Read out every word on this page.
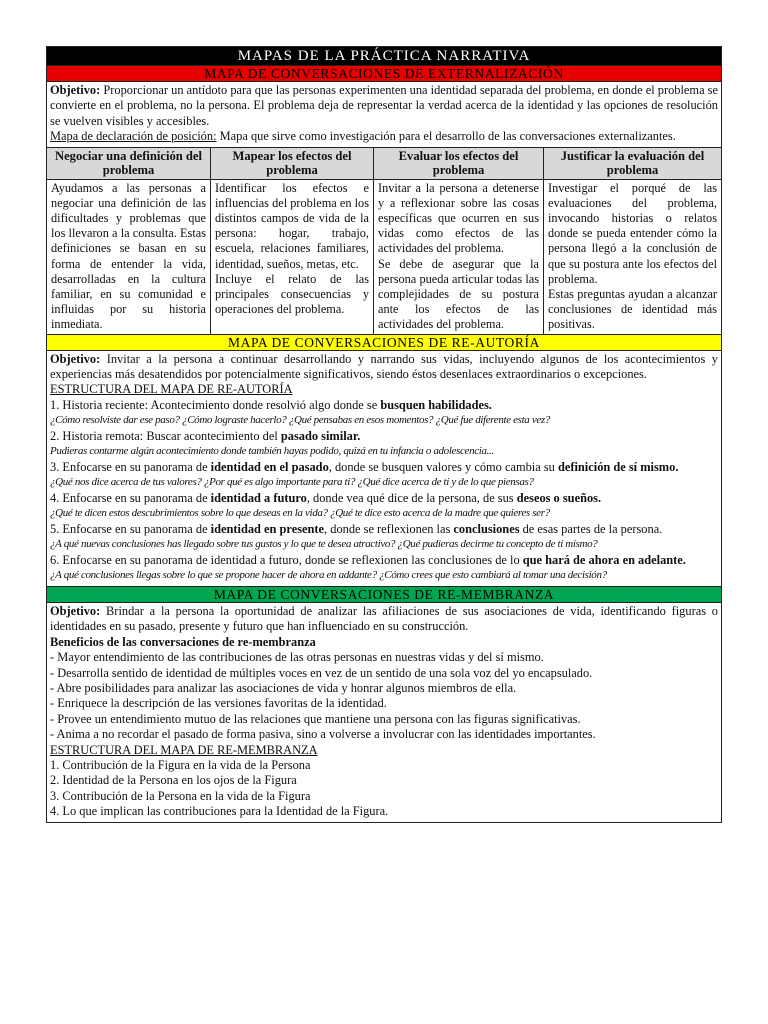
MAPAS DE LA PRÁCTICA NARRATIVA
MAPA DE CONVERSACIONES DE EXTERNALIZACIÓN

Objetivo: Proporcionar un antídoto para que las personas experimenten una identidad separada del problema, en donde el problema se convierte en el problema, no la persona. El problema deja de representar la verdad acerca de la identidad y las opciones de resolución se vuelven visibles y accesibles.

Mapa de declaración de posición: Mapa que sirve como investigación para el desarrollo de las conversaciones externalizantes.

Negociar una definición del problema
Mapear los efectos del problema
Evaluar los efectos del problema
Justificar la evaluación del problema

Ayudamos a las personas a negociar una definición de las dificultades y problemas que los llevaron a la consulta. Estas definiciones se basan en su forma de entender la vida, desarrolladas en la cultura familiar, en su comunidad e influidas por su historia inmediata.

Identificar los efectos e influencias del problema en los distintos campos de vida de la persona: hogar, trabajo, escuela, relaciones familiares, identidad, sueños, metas, etc.

Incluye el relato de las principales consecuencias y operaciones del problema.

Invitar a la persona a detenerse y a reflexionar sobre las cosas específicas que ocurren en sus vidas como efectos de las actividades del problema.

Se debe de asegurar que la persona pueda articular todas las complejidades de su postura ante los efectos de las actividades del problema.

Investigar el porqué de las evaluaciones del problema, invocando historias o relatos donde se pueda entender cómo la persona llegó a la conclusión de que su postura ante los efectos del problema.
Estas preguntas ayudan a alcanzar conclusiones de identidad más positivas.

MAPA DE CONVERSACIONES DE RE-AUTORÍA

Objetivo: Invitar a la persona a continuar desarrollando y narrando sus vidas, incluyendo algunos de los acontecimientos y experiencias más desatendidos por potencialmente significativos, siendo éstos desenlaces extraordinarios o excepciones.

ESTRUCTURA DEL MAPA DE RE-AUTORÍA

1. Historia reciente: Acontecimiento donde resolvió algo donde se busquen habilidades.

¿Cómo resolviste dar ese paso? ¿Cómo lograste hacerlo? ¿Qué pensabas en esos momentos? ¿Qué fue diferente esta vez?

2. Historia remota: Buscar acontecimiento del pasado similar.

Pudieras contarme algún acontecimiento donde también hayas podido, quizá en tu infancia o adolescencia...

3. Enfocarse en su panorama de identidad en el pasado, donde se busquen valores y cómo cambia su definición de sí mismo.

¿Qué nos dice acerca de tus valores? ¿Por qué es algo importante para ti? ¿Qué dice acerca de ti y de lo que piensas?

4. Enfocarse en su panorama de identidad a futuro, donde vea qué dice de la persona, de sus deseos o sueños.

¿Qué te dicen estos descubrimientos sobre lo que deseas en la vida? ¿Qué te dice esto acerca de la madre que quieres ser?

5. Enfocarse en su panorama de identidad en presente, donde se reflexionen las conclusiones de esas partes de la persona.

¿A qué nuevas conclusiones has llegado sobre tus gustos y lo que te desea atractivo? ¿Qué pudieras decirme tu concepto de ti mismo?

6. Enfocarse en su panorama de identidad a futuro, donde se reflexionen las conclusiones de lo que hará de ahora en adelante.

¿A qué conclusiones llegas sobre lo que se propone hacer de ahora en addante? ¿Cómo crees que esto cambiará al tomar una decisión?

MAPA DE CONVERSACIONES DE RE-MEMBRANZA

Objetivo: Brindar a la persona la oportunidad de analizar las afiliaciones de sus asociaciones de vida, identificando figuras o identidades en su pasado, presente y futuro que han influenciado en su construcción.

Beneficios de las conversaciones de re-membranza

- Mayor entendimiento de las contribuciones de las otras personas en nuestras vidas y del sí mismo.

- Desarrolla sentido de identidad de múltiples voces en vez de un sentido de una sola voz del yo encapsulado.

- Abre posibilidades para analizar las asociaciones de vida y honrar algunos miembros de ella.

- Enriquece la descripción de las versiones favoritas de la identidad.

- Provee un entendimiento mutuo de las relaciones que mantiene una persona con las figuras significativas.

- Anima a no recordar el pasado de forma pasiva, sino a volverse a involucrar con las identidades importantes.

ESTRUCTURA DEL MAPA DE RE-MEMBRANZA

1. Contribución de la Figura en la vida de la Persona

2. Identidad de la Persona en los ojos de la Figura

3. Contribución de la Persona en la vida de la Figura

4. Lo que implican las contribuciones para la Identidad de la Figura.
